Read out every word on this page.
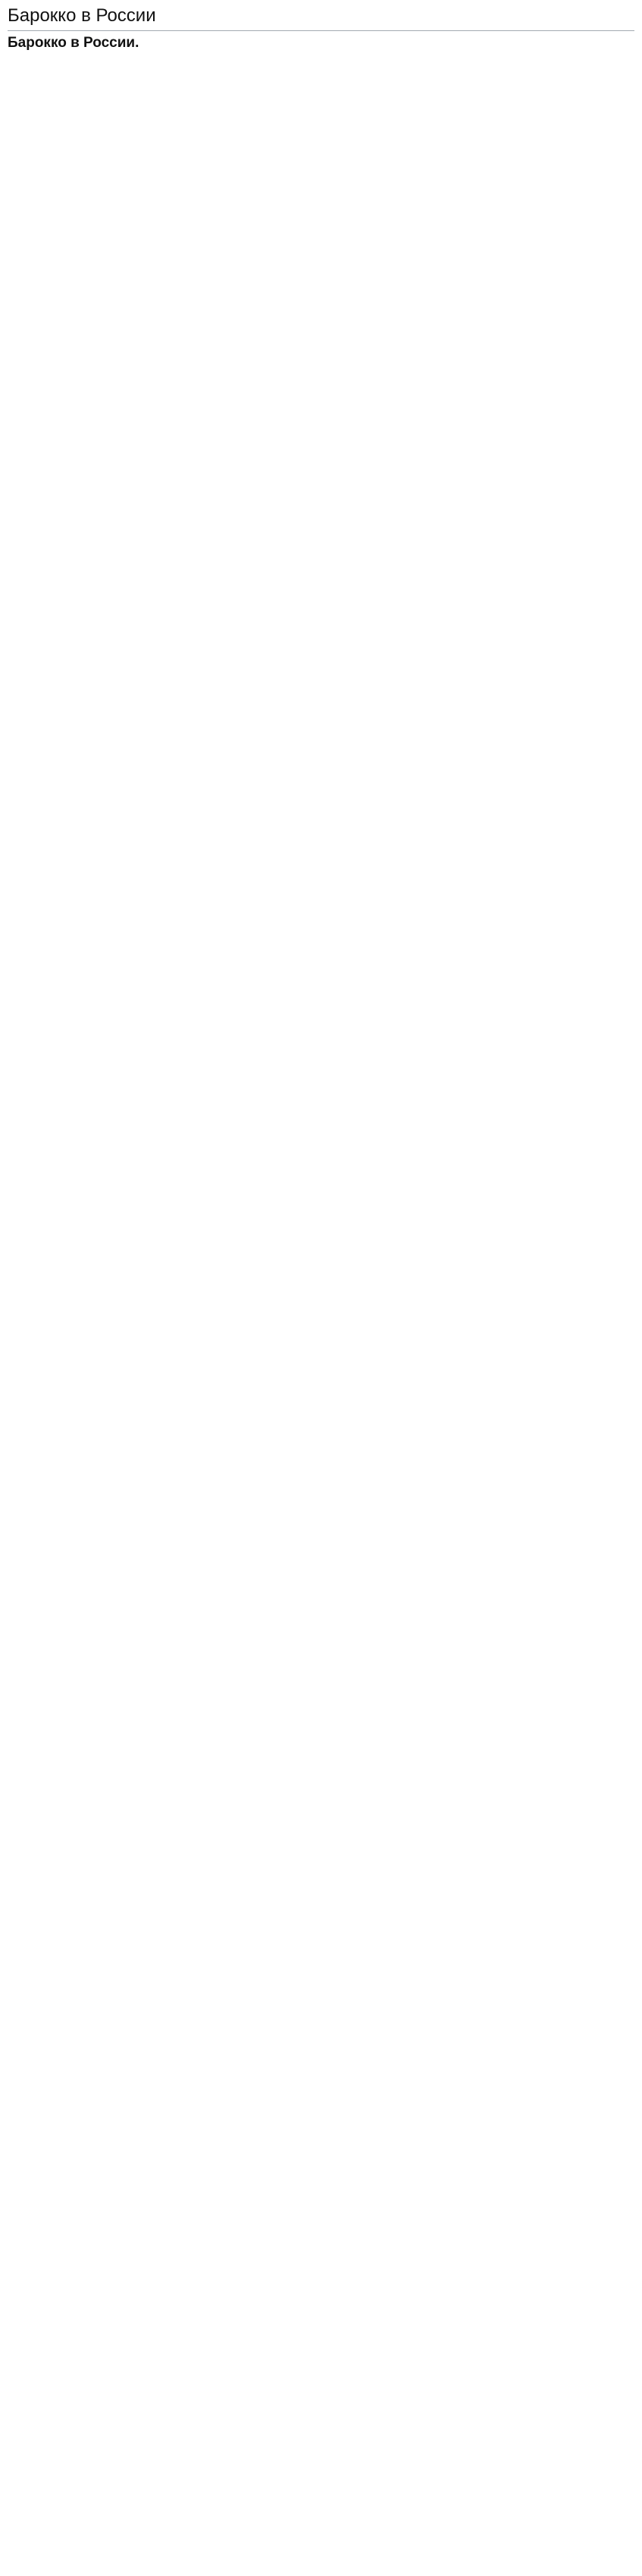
Барокко в России
Барокко в России.
